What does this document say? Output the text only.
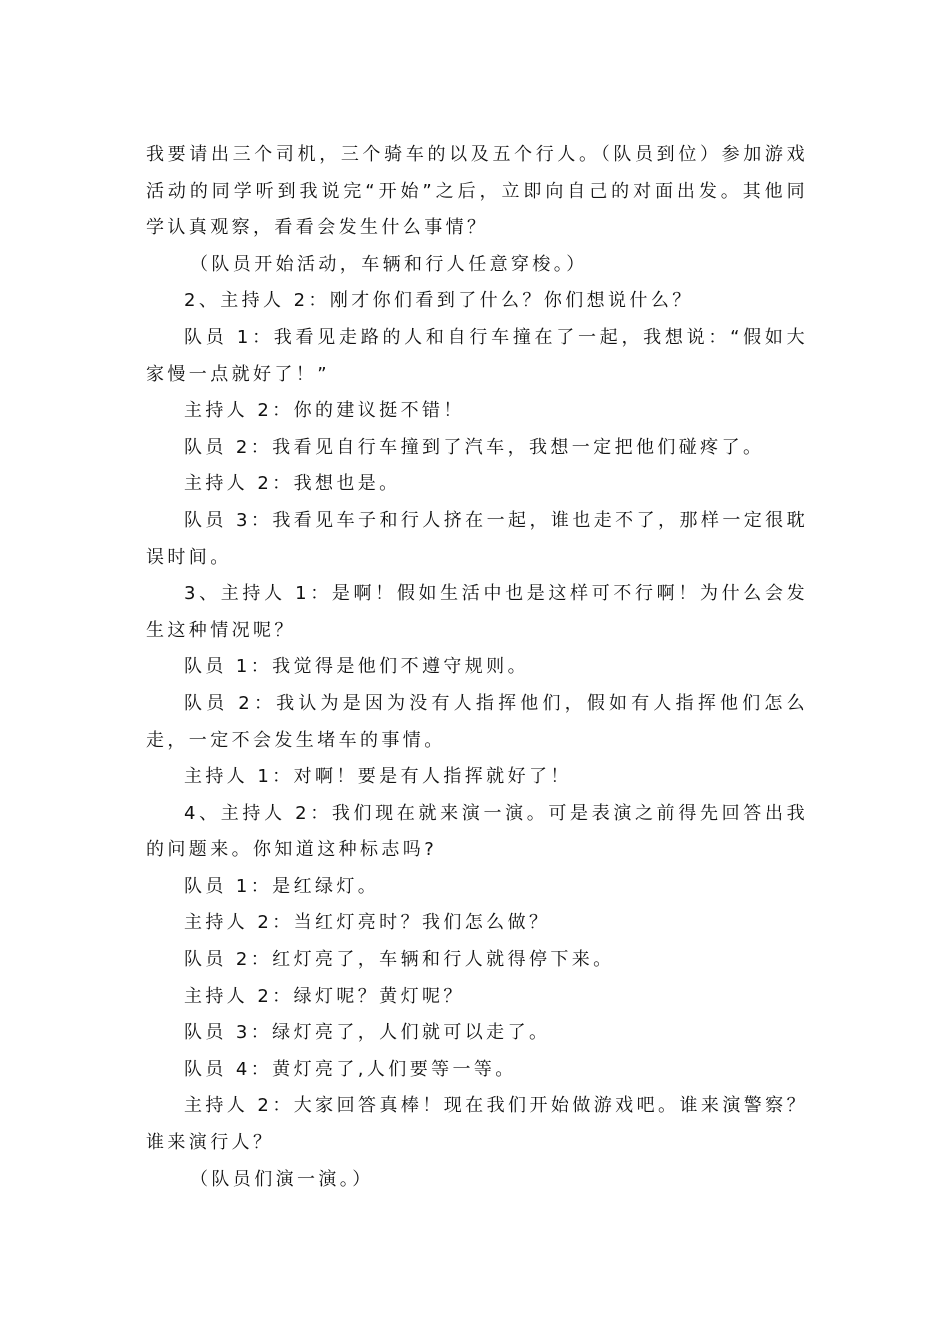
我要请出三个司机，三个骑车的以及五个行人。（队员到位）参加游戏活动的同学听到我说完“开始”之后，立即向自己的对面出发。其他同学认真观察，看看会发生什么事情？

（队员开始活动，车辆和行人任意穿梭。）

2、主持人 2：刚才你们看到了什么？你们想说什么？

队员 1：我看见走路的人和自行车撞在了一起，我想说：“假如大家慢一点就好了！”

主持人 2：你的建议挺不错！

队员 2：我看见自行车撞到了汽车，我想一定把他们碰疼了。

主持人 2：我想也是。

队员 3：我看见车子和行人挤在一起，谁也走不了，那样一定很耽误时间。

3、主持人 1：是啊！假如生活中也是这样可不行啊！为什么会发生这种情况呢？

队员 1：我觉得是他们不遵守规则。

队员 2：我认为是因为没有人指挥他们，假如有人指挥他们怎么走，一定不会发生堵车的事情。

主持人 1：对啊！要是有人指挥就好了！

4、主持人 2：我们现在就来演一演。可是表演之前得先回答出我的问题来。你知道这种标志吗?

队员 1：是红绿灯。

主持人 2：当红灯亮时？我们怎么做？

队员 2：红灯亮了，车辆和行人就得停下来。

主持人 2：绿灯呢？黄灯呢？

队员 3：绿灯亮了，人们就可以走了。

队员 4：黄灯亮了,人们要等一等。

主持人 2：大家回答真棒！现在我们开始做游戏吧。谁来演警察？谁来演行人？

（队员们演一演。）
